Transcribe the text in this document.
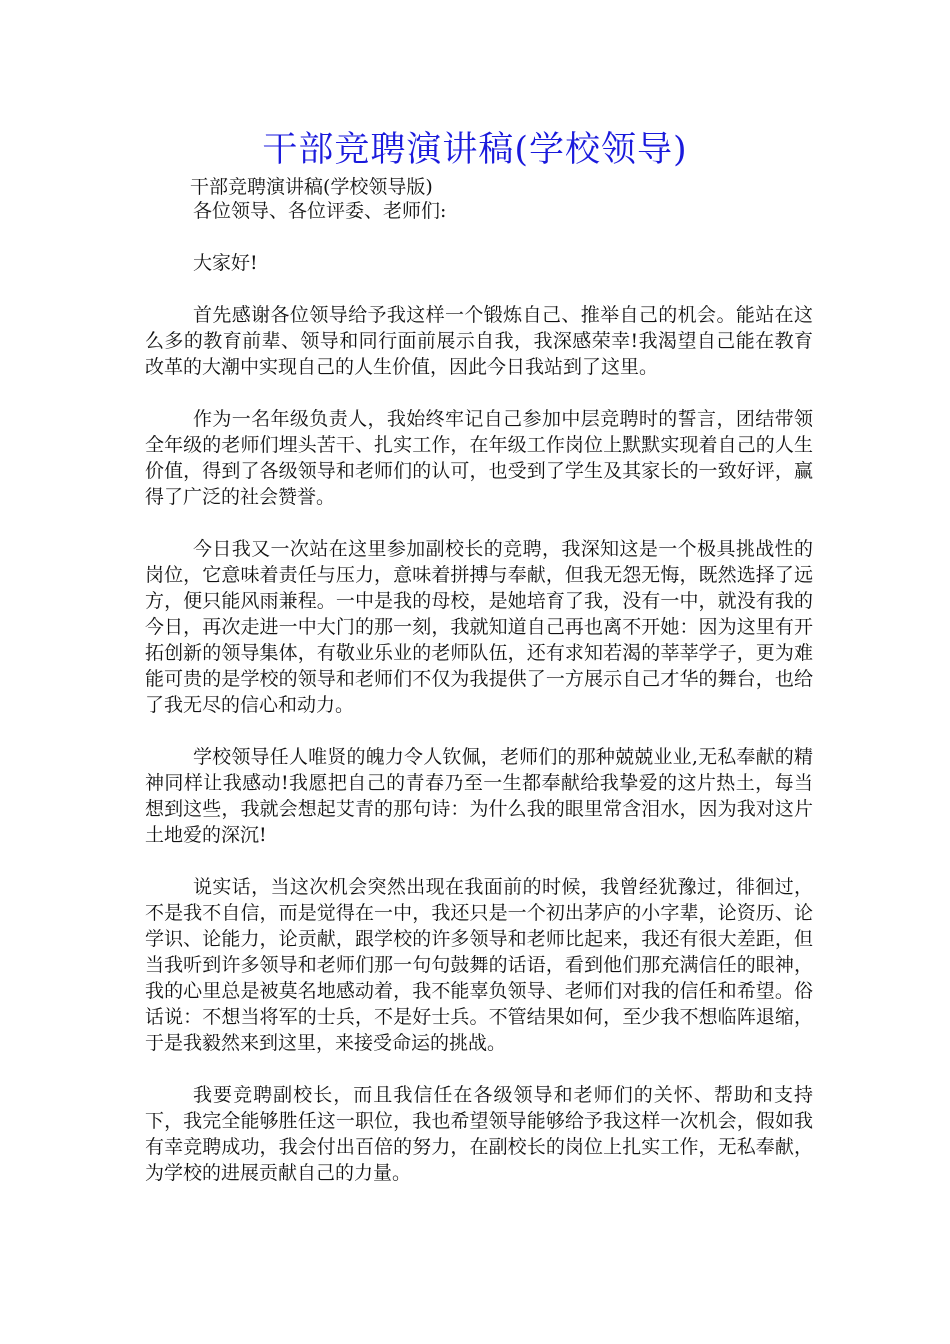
干部竞聘演讲稿(学校领导)
干部竞聘演讲稿(学校领导版)

各位领导、各位评委、老师们:

大家好!

首先感谢各位领导给予我这样一个锻炼自己、推举自己的机会。能站在这么多的教育前辈、领导和同行面前展示自我，我深感荣幸!我渴望自己能在教育改革的大潮中实现自己的人生价值，因此今日我站到了这里。

作为一名年级负责人，我始终牢记自己参加中层竞聘时的誓言，团结带领全年级的老师们埋头苦干、扎实工作，在年级工作岗位上默默实现着自己的人生价值，得到了各级领导和老师们的认可，也受到了学生及其家长的一致好评，赢得了广泛的社会赞誉。

今日我又一次站在这里参加副校长的竞聘，我深知这是一个极具挑战性的岗位，它意味着责任与压力，意味着拼搏与奉献，但我无怨无悔，既然选择了远方，便只能风雨兼程。一中是我的母校，是她培育了我，没有一中，就没有我的今日，再次走进一中大门的那一刻，我就知道自己再也离不开她：因为这里有开拓创新的领导集体，有敬业乐业的老师队伍，还有求知若渴的莘莘学子，更为难能可贵的是学校的领导和老师们不仅为我提供了一方展示自己才华的舞台，也给了我无尽的信心和动力。

学校领导任人唯贤的魄力令人钦佩，老师们的那种兢兢业业,无私奉献的精神同样让我感动!我愿把自己的青春乃至一生都奉献给我挚爱的这片热土，每当想到这些，我就会想起艾青的那句诗：为什么我的眼里常含泪水，因为我对这片土地爱的深沉!

说实话，当这次机会突然出现在我面前的时候，我曾经犹豫过，徘徊过，不是我不自信，而是觉得在一中，我还只是一个初出茅庐的小字辈，论资历、论学识、论能力，论贡献，跟学校的许多领导和老师比起来，我还有很大差距，但当我听到许多领导和老师们那一句句鼓舞的话语，看到他们那充满信任的眼神，我的心里总是被莫名地感动着，我不能辜负领导、老师们对我的信任和希望。俗话说：不想当将军的士兵，不是好士兵。不管结果如何，至少我不想临阵退缩，于是我毅然来到这里，来接受命运的挑战。

我要竞聘副校长，而且我信任在各级领导和老师们的关怀、帮助和支持下，我完全能够胜任这一职位，我也希望领导能够给予我这样一次机会，假如我有幸竞聘成功，我会付出百倍的努力，在副校长的岗位上扎实工作，无私奉献，为学校的进展贡献自己的力量。
